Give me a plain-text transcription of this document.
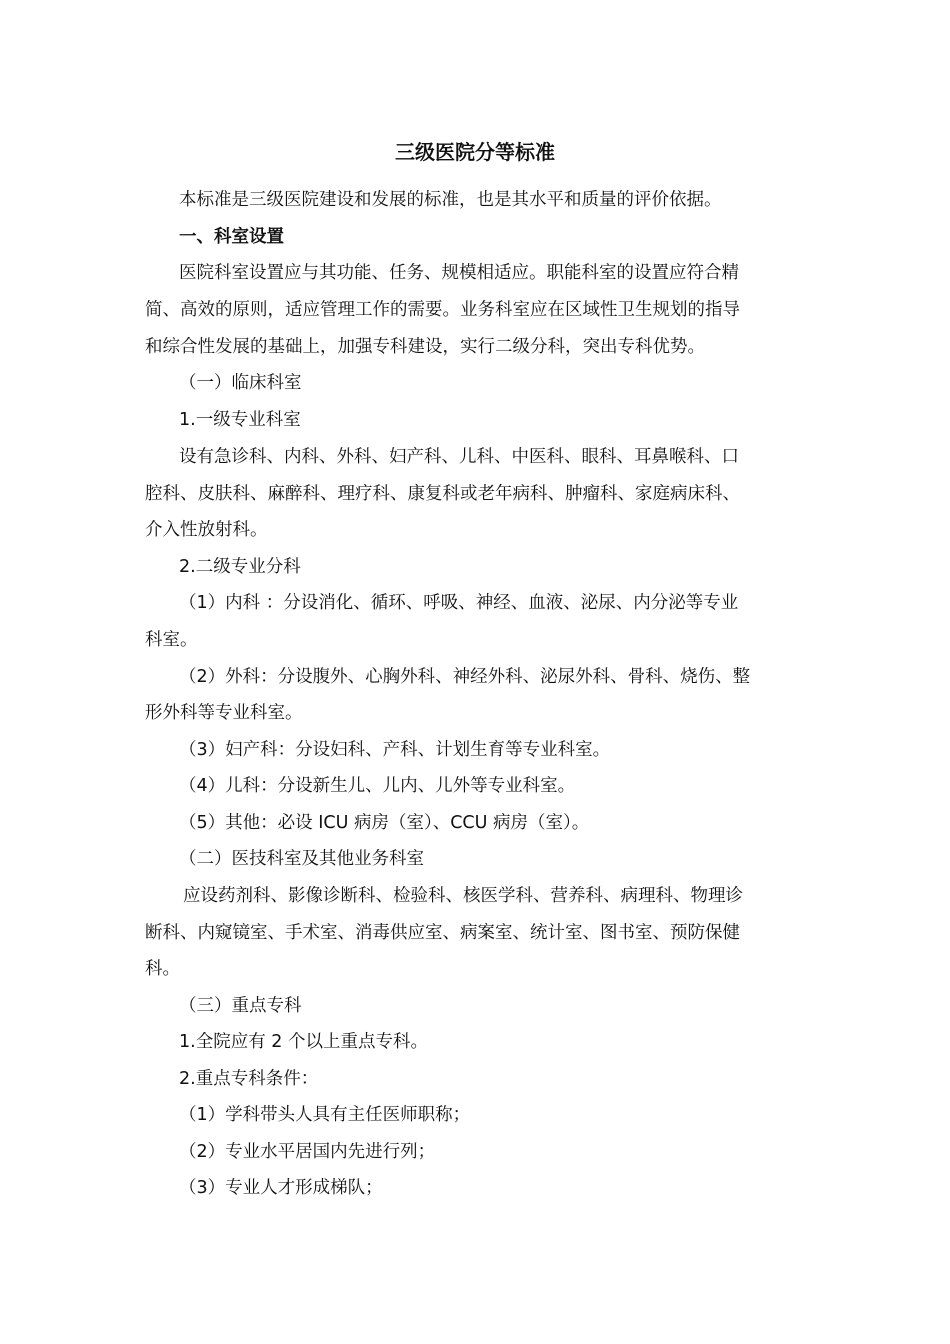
三级医院分等标准
本标准是三级医院建设和发展的标准，也是其水平和质量的评价依据。
一、科室设置
医院科室设置应与其功能、任务、规模相适应。职能科室的设置应符合精
简、高效的原则，适应管理工作的需要。业务科室应在区域性卫生规划的指导
和综合性发展的基础上，加强专科建设，实行二级分科，突出专科优势。
（一）临床科室
1.一级专业科室
设有急诊科、内科、外科、妇产科、儿科、中医科、眼科、耳鼻喉科、口
腔科、皮肤科、麻醉科、理疗科、康复科或老年病科、肿瘤科、家庭病床科、
介入性放射科。
2.二级专业分科
（1）内科 ：分设消化、循环、呼吸、神经、血液、泌尿、内分泌等专业
科室。
（2）外科：分设腹外、心胸外科、神经外科、泌尿外科、骨科、烧伤、整
形外科等专业科室。
（3）妇产科：分设妇科、产科、计划生育等专业科室。
（4）儿科：分设新生儿、儿内、儿外等专业科室。
（5）其他：必设 ICU 病房（室）、CCU 病房（室）。
（二）医技科室及其他业务科室
应设药剂科、影像诊断科、检验科、核医学科、营养科、病理科、物理诊
断科、内窥镜室、手术室、消毒供应室、病案室、统计室、图书室、预防保健
科。
（三）重点专科
1.全院应有 2 个以上重点专科。
2.重点专科条件：
（1）学科带头人具有主任医师职称；
（2）专业水平居国内先进行列；
（3）专业人才形成梯队；
